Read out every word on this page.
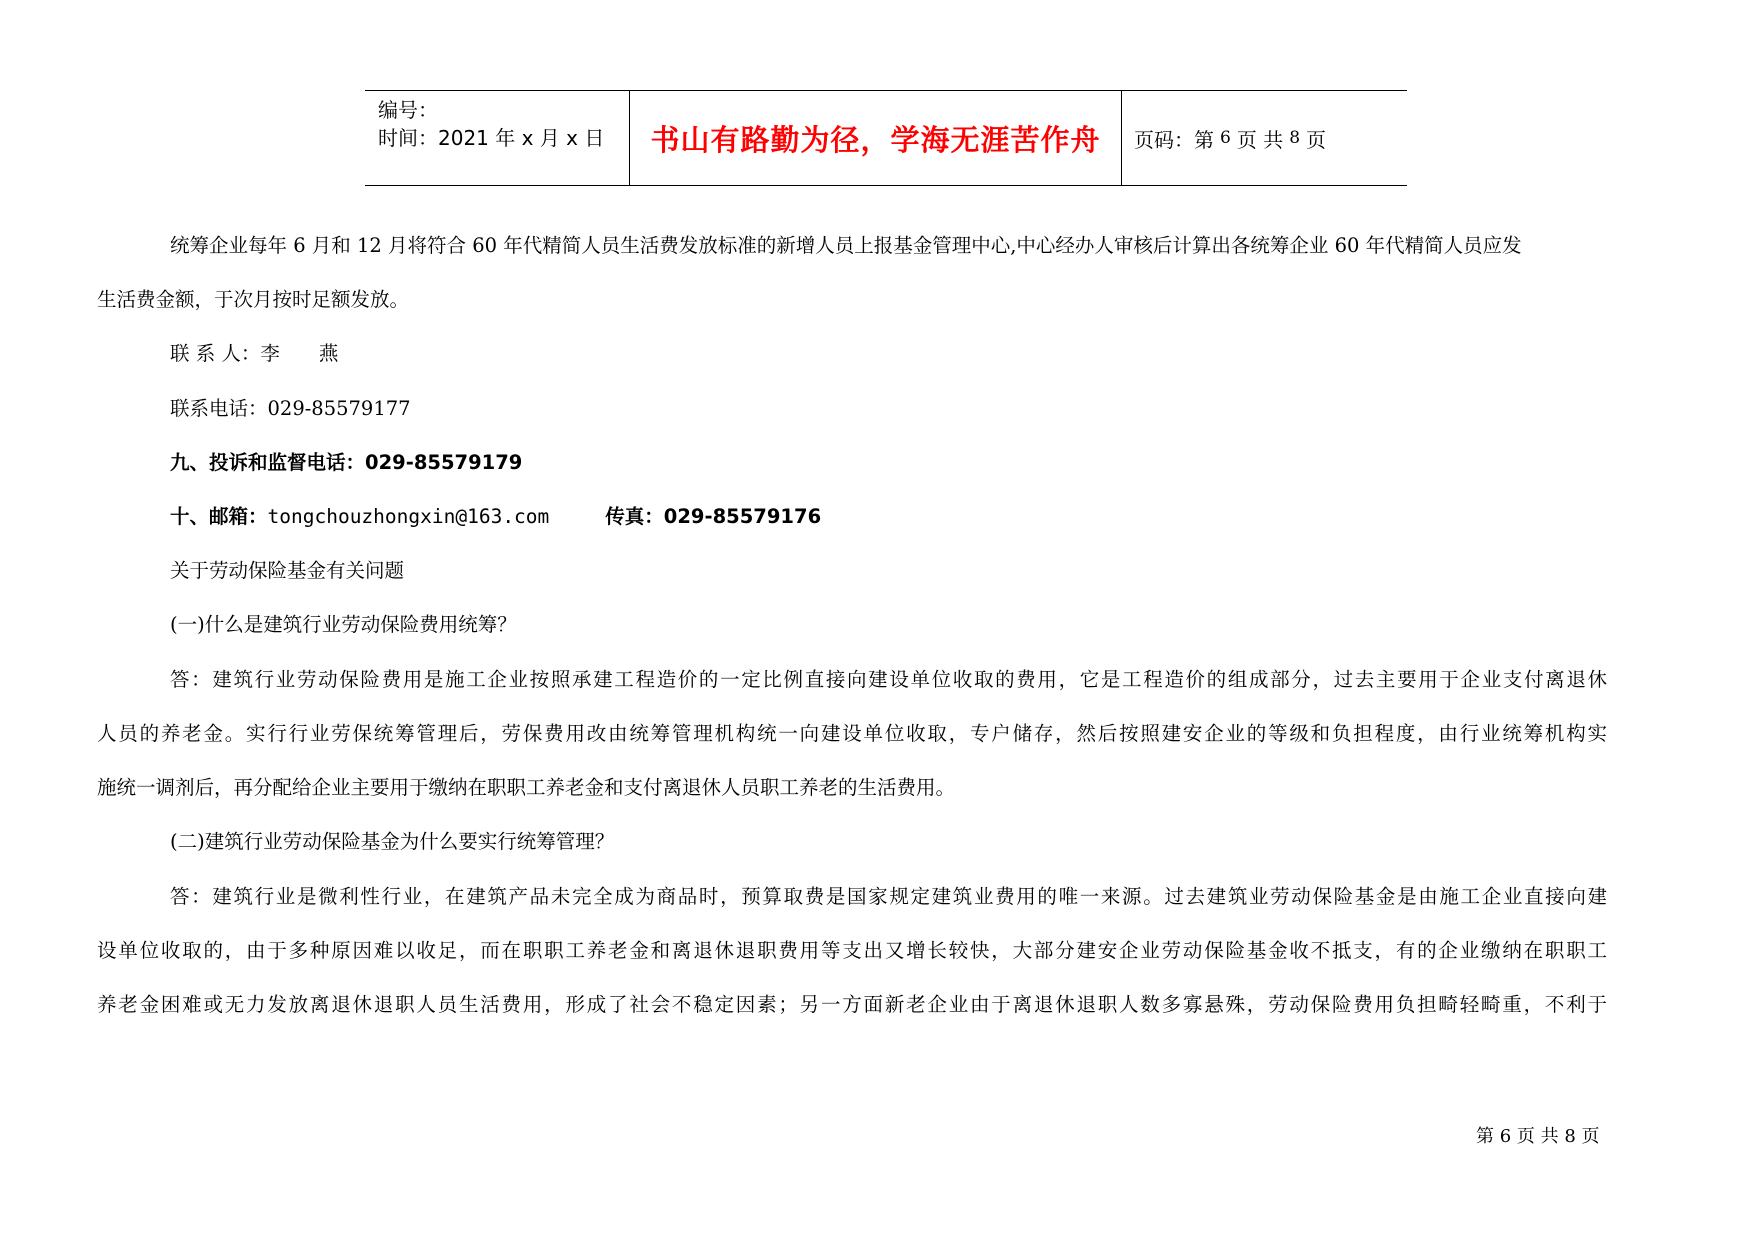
编号：
时间：2021 年 x 月 x 日 书山有路勤为径，学海无涯苦作舟 页码：第 6 页 共 8 页
统筹企业每年 6 月和 12 月将符合 60 年代精简人员生活费发放标准的新增人员上报基金管理中心,中心经办人审核后计算出各统筹企业 60 年代精简人员应发
生活费金额，于次月按时足额发放。
联 系 人：李　　燕
联系电话：029-85579177
九、投诉和监督电话：029-85579179
十、邮箱：tongchouzhongxin@163.com	传真：029-85579176
关于劳动保险基金有关问题
(一)什么是建筑行业劳动保险费用统筹？
答：建筑行业劳动保险费用是施工企业按照承建工程造价的一定比例直接向建设单位收取的费用，它是工程造价的组成部分，过去主要用于企业支付离退休
人员的养老金。实行行业劳保统筹管理后，劳保费用改由统筹管理机构统一向建设单位收取，专户储存，然后按照建安企业的等级和负担程度，由行业统筹机构实
施统一调剂后，再分配给企业主要用于缴纳在职职工养老金和支付离退休人员职工养老的生活费用。
(二)建筑行业劳动保险基金为什么要实行统筹管理？
答：建筑行业是微利性行业，在建筑产品未完全成为商品时，预算取费是国家规定建筑业费用的唯一来源。过去建筑业劳动保险基金是由施工企业直接向建
设单位收取的，由于多种原因难以收足，而在职职工养老金和离退休退职费用等支出又增长较快，大部分建安企业劳动保险基金收不抵支，有的企业缴纳在职职工
养老金困难或无力发放离退休退职人员生活费用，形成了社会不稳定因素；另一方面新老企业由于离退休退职人数多寡悬殊，劳动保险费用负担畸轻畸重，不利于
第 6 页 共 8 页
